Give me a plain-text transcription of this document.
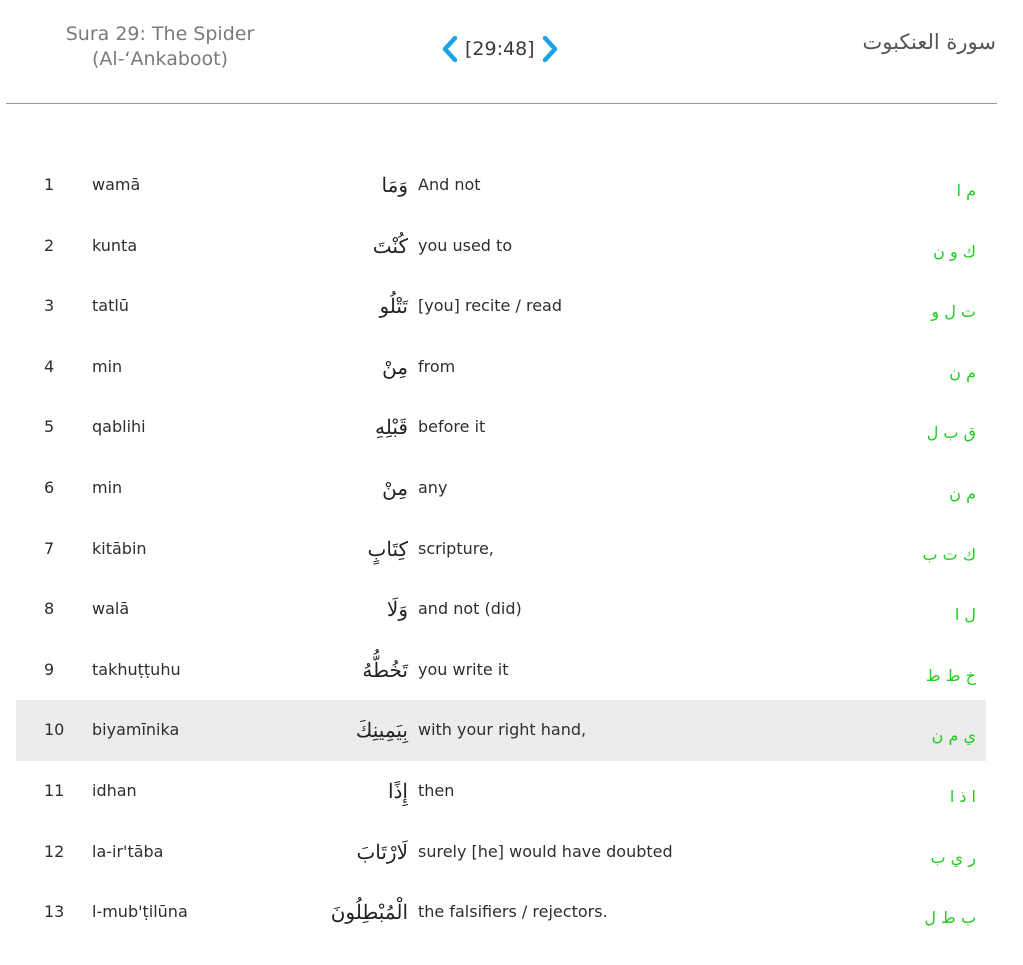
Sura 29: The Spider
(Al-‘Ankaboot)	[29:48]	سورة العنكبوت
1 wamā	وَمَا And not	م ا
2 kunta	كُنْتَ you used to	ك و ن
3 tatlū	تَتْلُو [you] recite / read	ت ل و
4 min	مِنْ from	م ن
5 qablihi	قَبْلِهِ before it	ق ب ل
6 min	مِنْ any	م ن
7 kitābin	كِتَابٍ scripture,	ك ت ب
8 walā	وَلَا and not (did)	ل ا
9 takhuṭṭuhu	تَخُطُّهُ you write it	خ ط ط
10 biyamīnika	بِيَمِينِكَ with your right hand,	ي م ن
11 idhan	إِذًا then	ا ذ ا
12 la-ir'tāba	لَارْتَابَ surely [he] would have doubted	ر ي ب
13 l-mub'ṭilūna	الْمُبْطِلُونَ the falsifiers / rejectors.	ب ط ل
